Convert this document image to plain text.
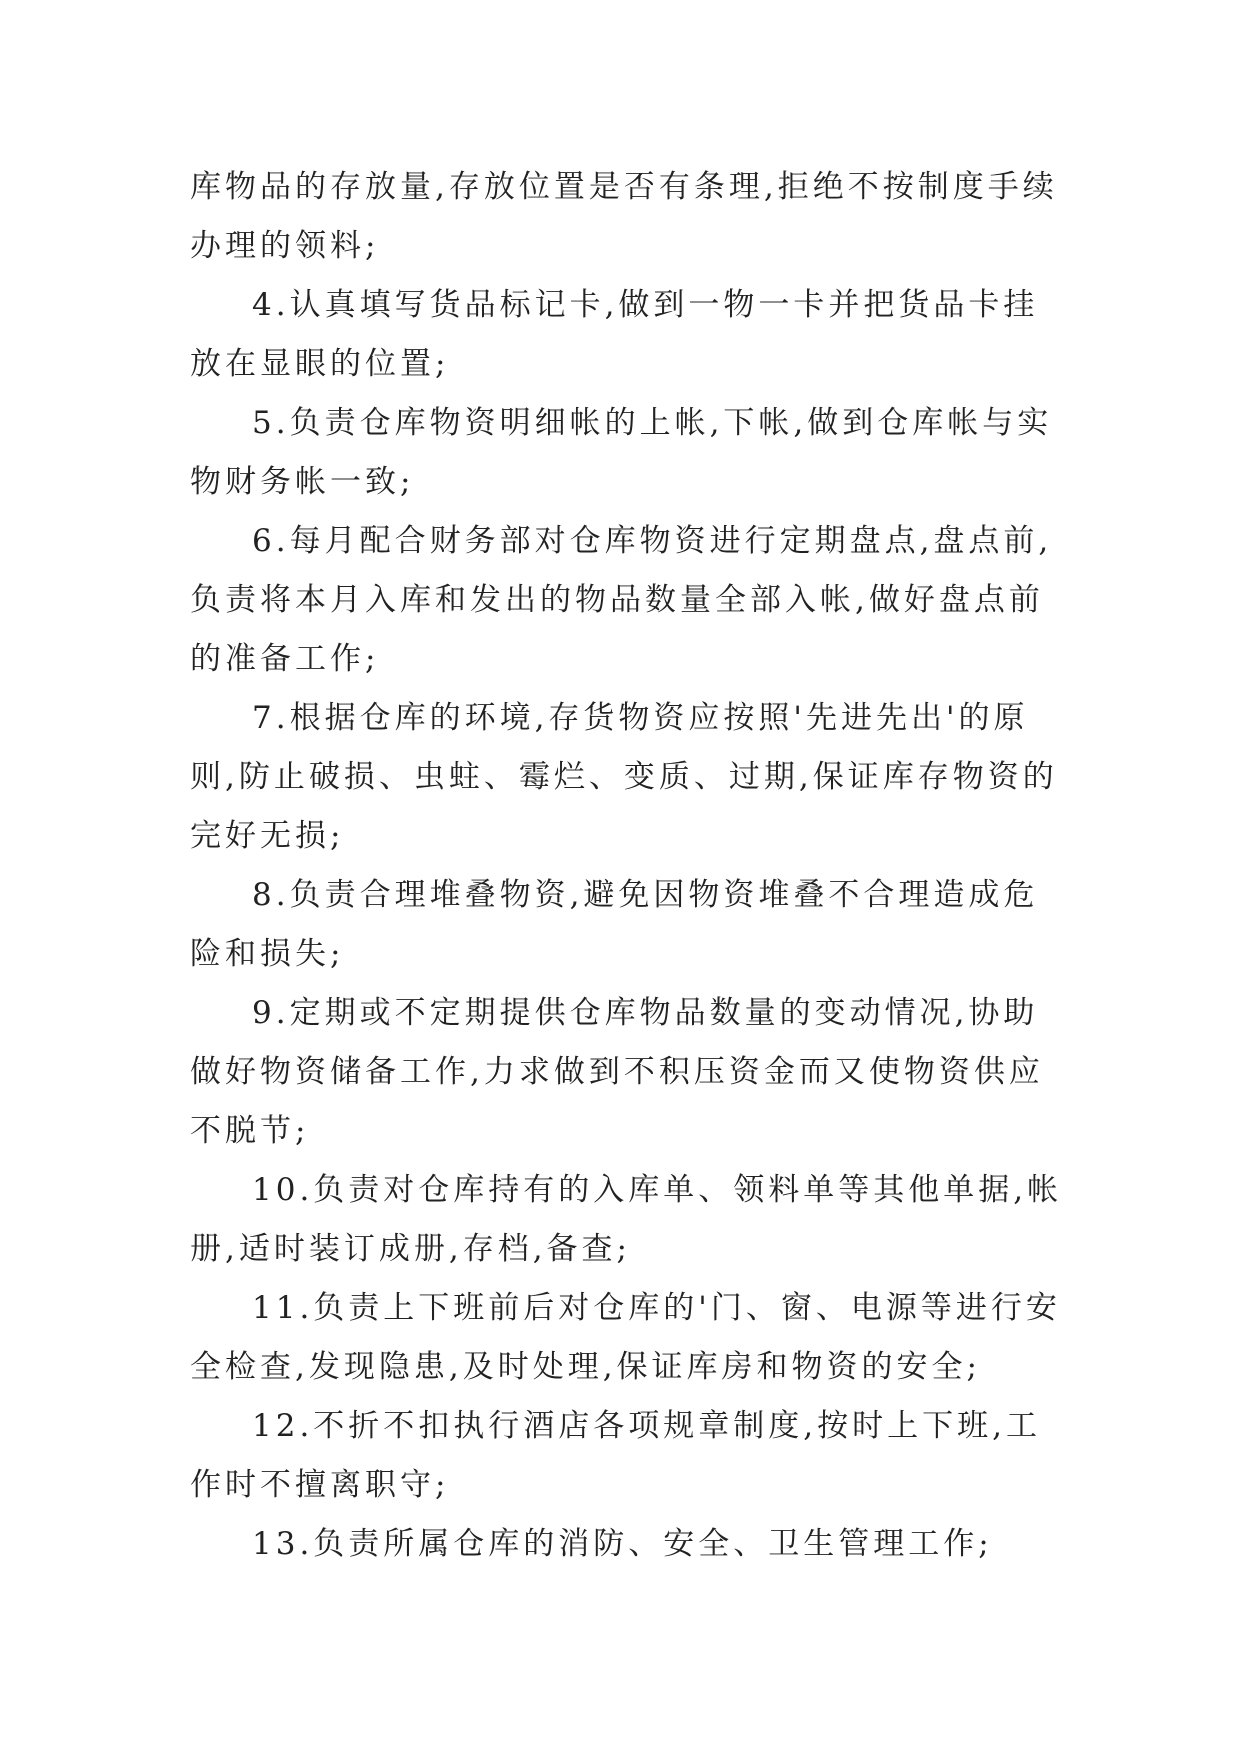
库物品的存放量,存放位置是否有条理,拒绝不按制度手续办理的领料;

4.认真填写货品标记卡,做到一物一卡并把货品卡挂放在显眼的位置;

5.负责仓库物资明细帐的上帐,下帐,做到仓库帐与实物财务帐一致;

6.每月配合财务部对仓库物资进行定期盘点,盘点前,负责将本月入库和发出的物品数量全部入帐,做好盘点前的准备工作;

7.根据仓库的环境,存货物资应按照'先进先出'的原则,防止破损、虫蛀、霉烂、变质、过期,保证库存物资的完好无损;

8.负责合理堆叠物资,避免因物资堆叠不合理造成危险和损失;

9.定期或不定期提供仓库物品数量的变动情况,协助做好物资储备工作,力求做到不积压资金而又使物资供应不脱节;

10.负责对仓库持有的入库单、领料单等其他单据,帐册,适时装订成册,存档,备查;

11.负责上下班前后对仓库的'门、窗、电源等进行安全检查,发现隐患,及时处理,保证库房和物资的安全;

12.不折不扣执行酒店各项规章制度,按时上下班,工作时不擅离职守;

13.负责所属仓库的消防、安全、卫生管理工作;
